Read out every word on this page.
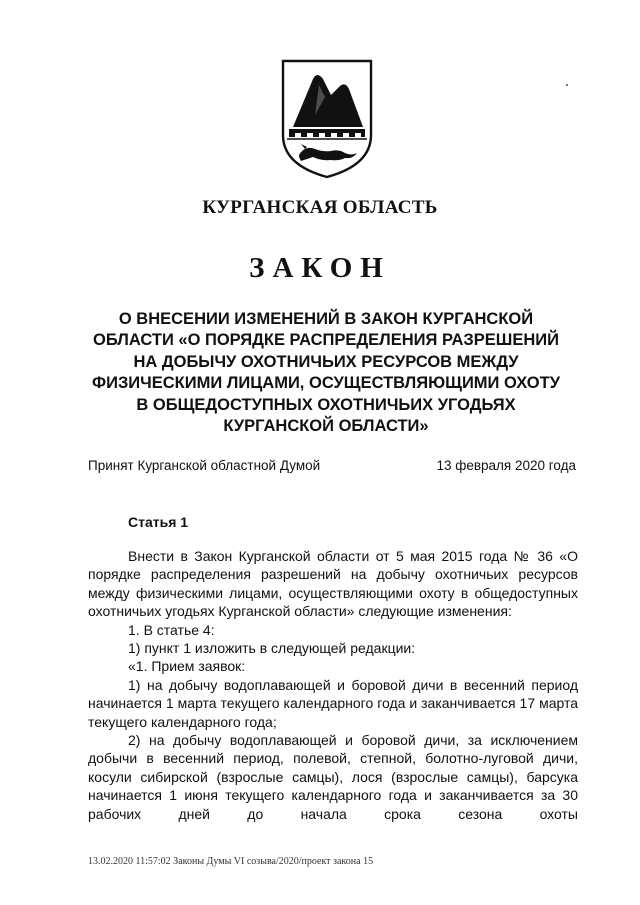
КУРГАНСКАЯ ОБЛАСТЬ
ЗАКОН
О ВНЕСЕНИИ ИЗМЕНЕНИЙ В ЗАКОН КУРГАНСКОЙ ОБЛАСТИ «О ПОРЯДКЕ РАСПРЕДЕЛЕНИЯ РАЗРЕШЕНИЙ НА ДОБЫЧУ ОХОТНИЧЬИХ РЕСУРСОВ МЕЖДУ ФИЗИЧЕСКИМИ ЛИЦАМИ, ОСУЩЕСТВЛЯЮЩИМИ ОХОТУ В ОБЩЕДОСТУПНЫХ ОХОТНИЧЬИХ УГОДЬЯХ КУРГАНСКОЙ ОБЛАСТИ»
Принят Курганской областной Думой	13 февраля 2020 года
Статья 1

Внести в Закон Курганской области от 5 мая 2015 года № 36 «О порядке распределения разрешений на добычу охотничьих ресурсов между физическими лицами, осуществляющими охоту в общедоступных охотничьих угодьях Курганской области» следующие изменения:

1. В статье 4:

1) пункт 1 изложить в следующей редакции:

«1. Прием заявок:

1) на добычу водоплавающей и боровой дичи в весенний период начинается 1 марта текущего календарного года и заканчивается 17 марта текущего календарного года;

2) на добычу водоплавающей и боровой дичи, за исключением добычи в весенний период, полевой, степной, болотно-луговой дичи, косули сибирской (взрослые самцы), лося (взрослые самцы), барсука начинается 1 июня текущего календарного года и заканчивается за 30 рабочих дней до начала срока сезона охоты

13.02.2020 11:57:02 Законы Думы VI созыва/2020/проект закона 15
